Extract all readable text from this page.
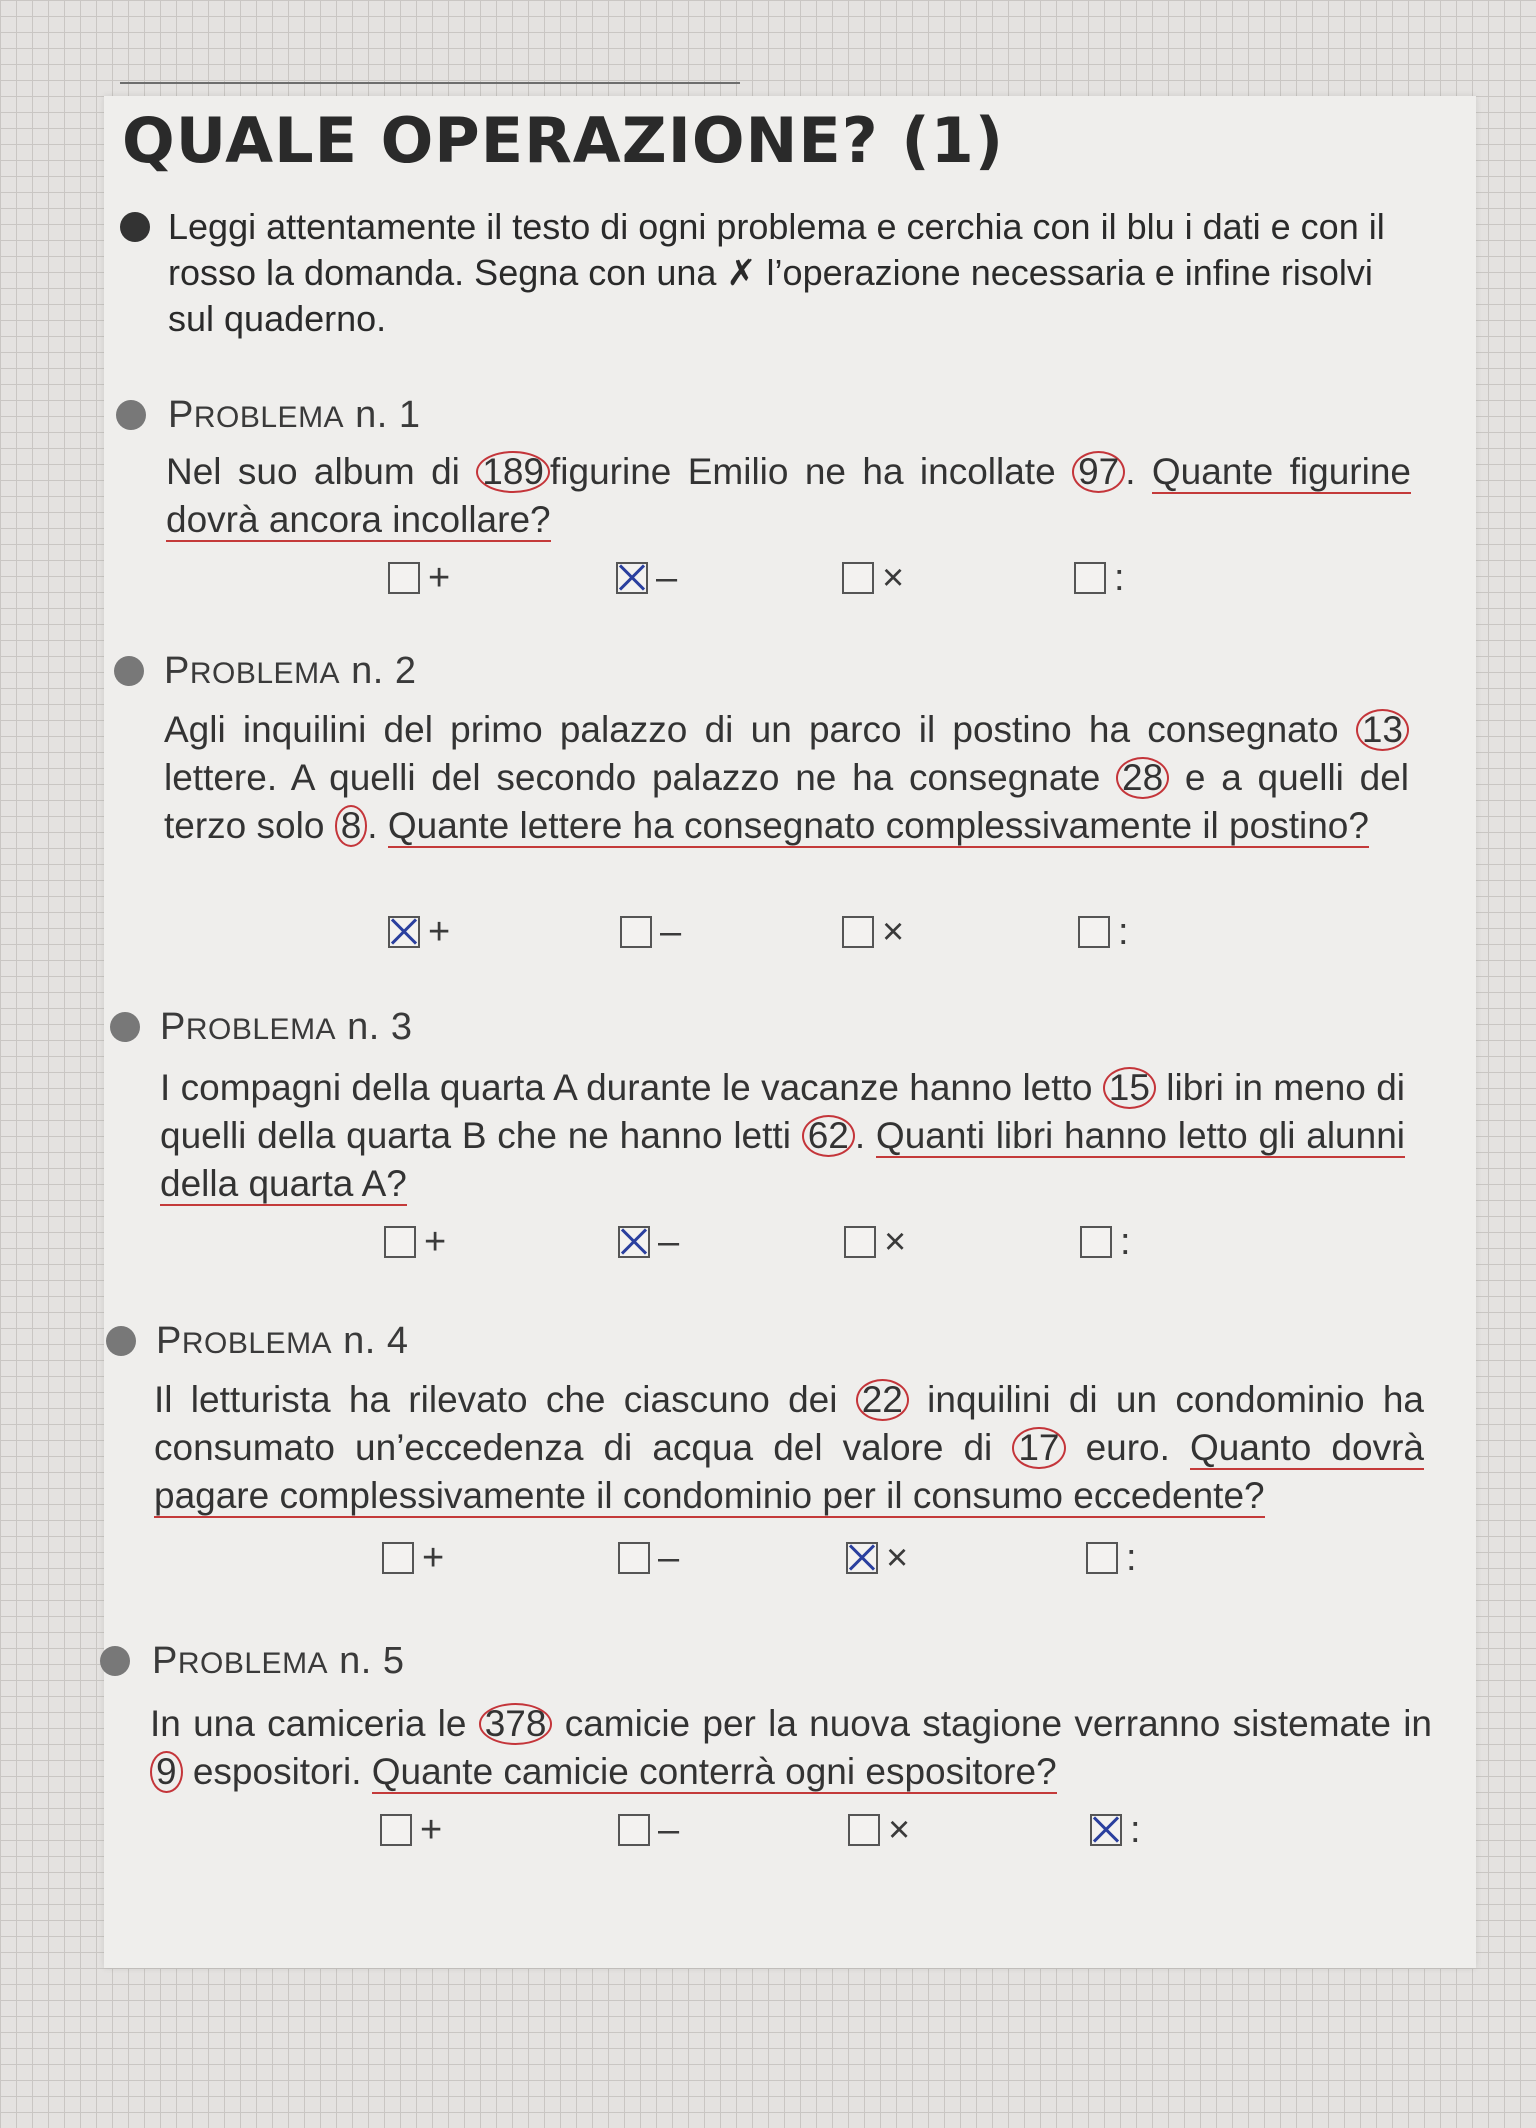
QUALE OPERAZIONE? (1)
Leggi attentamente il testo di ogni problema e cerchia con il blu i dati e con il rosso la domanda. Segna con una ✗ l’operazione necessaria e infine risolvi sul quaderno.
PROBLEMA n. 1
Nel suo album di 189 figurine Emilio ne ha incollate 97 . Quante figurine dovrà ancora incollare?
+	–	×	:
PROBLEMA n. 2
Agli inquilini del primo palazzo di un parco il postino ha consegnato 13 lettere. A quelli del secondo palazzo ne ha consegnate 28 e a quelli del terzo solo 8 . Quante lettere ha consegnato complessivamente il postino?
+	–	×	:
PROBLEMA n. 3
I compagni della quarta A durante le vacanze hanno letto 15 libri in meno di quelli della quarta B che ne hanno letti 62 . Quanti libri hanno letto gli alunni della quarta A?
+	–	×	:
PROBLEMA n. 4
Il letturista ha rilevato che ciascuno dei 22 inquilini di un condominio ha consumato un’eccedenza di acqua del valore di 17 euro. Quanto dovrà pagare complessivamente il condominio per il consumo eccedente?
+	–	×	:
PROBLEMA n. 5
In una camiceria le 378 camicie per la nuova stagione verranno sistemate in 9 espositori. Quante camicie conterrà ogni espositore?
+	–	×	:
